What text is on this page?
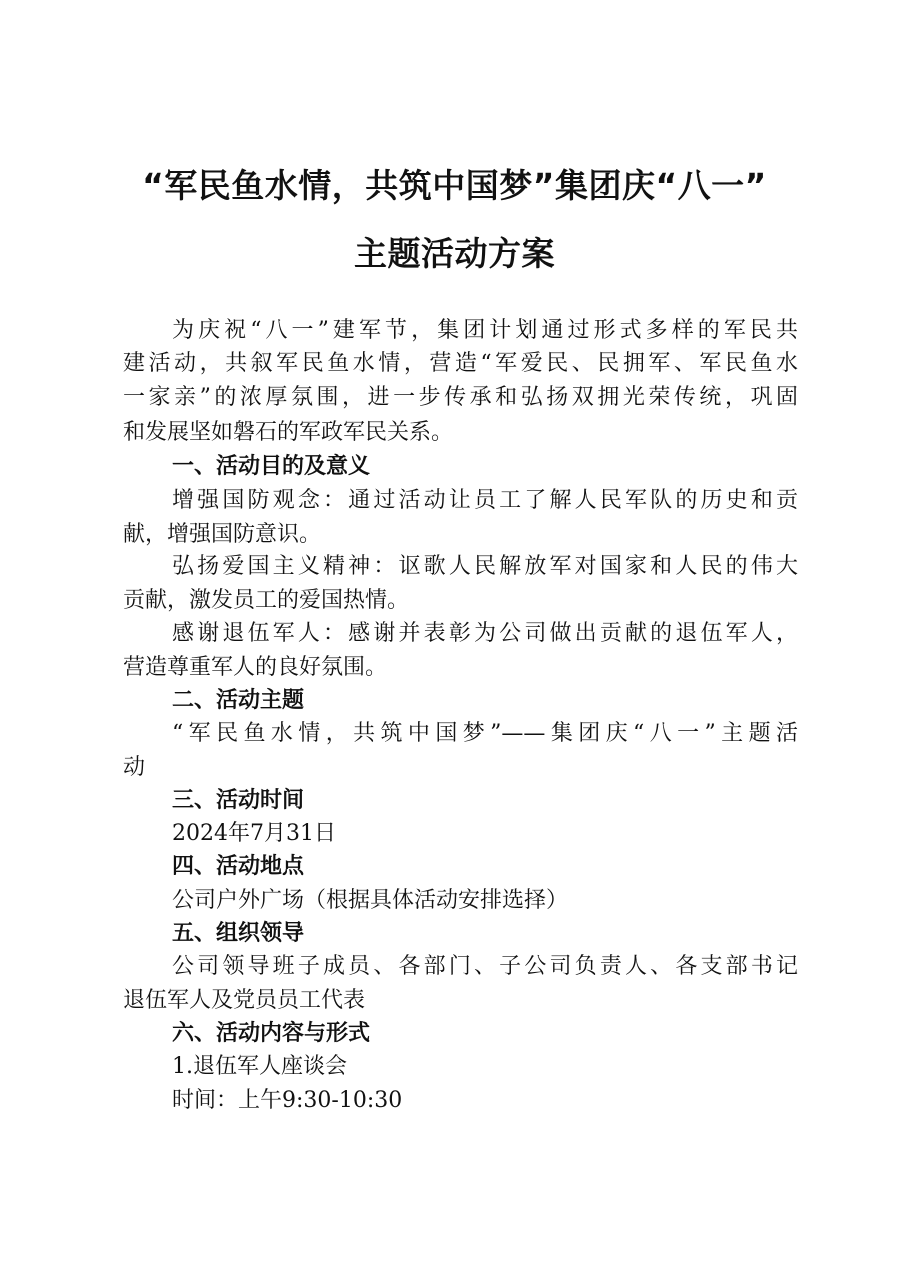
“军民鱼水情，共筑中国梦”集团庆“八一”
主题活动方案
为庆祝“八一”建军节，集团计划通过形式多样的军民共
建活动，共叙军民鱼水情，营造“军爱民、民拥军、军民鱼水
一家亲”的浓厚氛围，进一步传承和弘扬双拥光荣传统，巩固
和发展坚如磐石的军政军民关系。
一、活动目的及意义
增强国防观念：通过活动让员工了解人民军队的历史和贡
献，增强国防意识。
弘扬爱国主义精神：讴歌人民解放军对国家和人民的伟大
贡献，激发员工的爱国热情。
感谢退伍军人：感谢并表彰为公司做出贡献的退伍军人，
营造尊重军人的良好氛围。
二、活动主题
“军民鱼水情，共筑中国梦”——集团庆“八一”主题活
动
三、活动时间
2024年7月31日
四、活动地点
公司户外广场（根据具体活动安排选择）
五、组织领导
公司领导班子成员、各部门、子公司负责人、各支部书记
退伍军人及党员员工代表
六、活动内容与形式
1.退伍军人座谈会
时间：上午9:30-10:30
